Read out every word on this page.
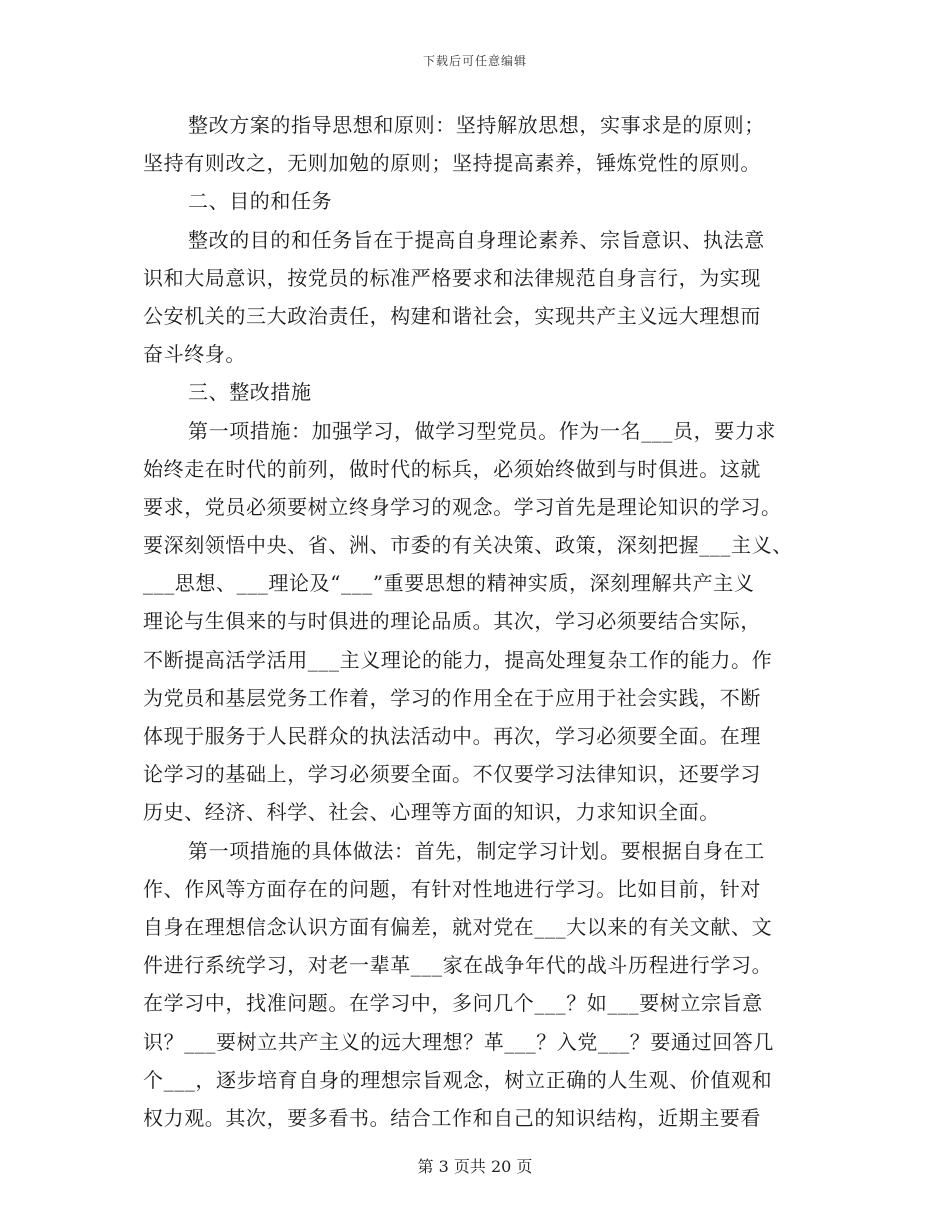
下载后可任意编辑
整改方案的指导思想和原则：坚持解放思想，实事求是的原则；
坚持有则改之，无则加勉的原则；坚持提高素养，锤炼党性的原则。
二、目的和任务
整改的目的和任务旨在于提高自身理论素养、宗旨意识、执法意
识和大局意识，按党员的标准严格要求和法律规范自身言行，为实现
公安机关的三大政治责任，构建和谐社会，实现共产主义远大理想而
奋斗终身。
三、整改措施
第一项措施：加强学习，做学习型党员。作为一名___员，要力求
始终走在时代的前列，做时代的标兵，必须始终做到与时俱进。这就
要求，党员必须要树立终身学习的观念。学习首先是理论知识的学习。
要深刻领悟中央、省、洲、市委的有关决策、政策，深刻把握___主义、
___思想、___理论及“___”重要思想的精神实质，深刻理解共产主义
理论与生俱来的与时俱进的理论品质。其次，学习必须要结合实际，
不断提高活学活用___主义理论的能力，提高处理复杂工作的能力。作
为党员和基层党务工作着，学习的作用全在于应用于社会实践，不断
体现于服务于人民群众的执法活动中。再次，学习必须要全面。在理
论学习的基础上，学习必须要全面。不仅要学习法律知识，还要学习
历史、经济、科学、社会、心理等方面的知识，力求知识全面。
第一项措施的具体做法：首先，制定学习计划。要根据自身在工
作、作风等方面存在的问题，有针对性地进行学习。比如目前，针对
自身在理想信念认识方面有偏差，就对党在___大以来的有关文献、文
件进行系统学习，对老一辈革___家在战争年代的战斗历程进行学习。
在学习中，找准问题。在学习中，多问几个___？如___要树立宗旨意
识？___要树立共产主义的远大理想？革___？入党___？要通过回答几
个___，逐步培育自身的理想宗旨观念，树立正确的人生观、价值观和
权力观。其次，要多看书。结合工作和自己的知识结构，近期主要看
第 3 页共 20 页
